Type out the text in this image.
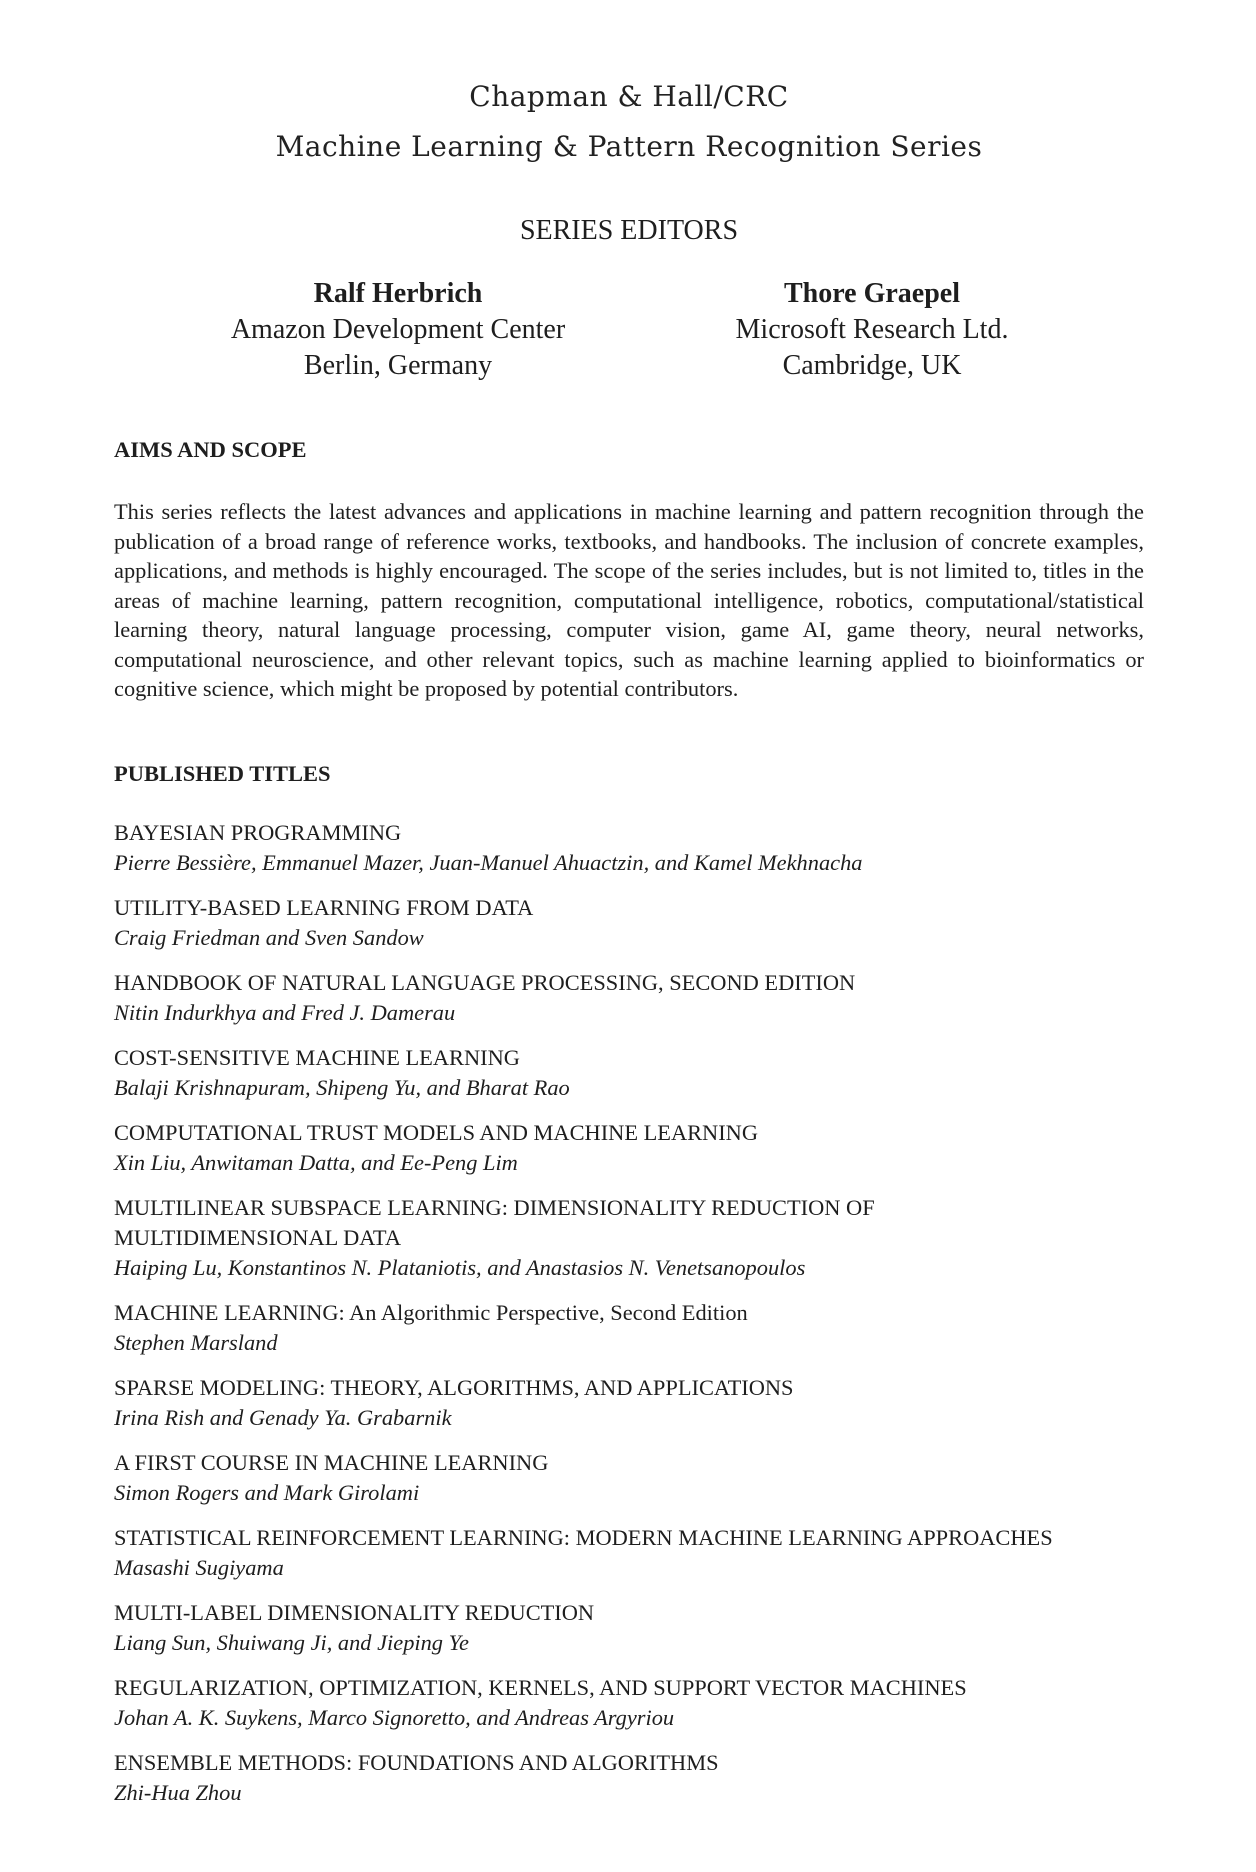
Chapman & Hall/CRC
Machine Learning & Pattern Recognition Series
SERIES EDITORS
Ralf Herbrich
Amazon Development Center
Berlin, Germany
Thore Graepel
Microsoft Research Ltd.
Cambridge, UK
AIMS AND SCOPE

This series reflects the latest advances and applications in machine learning and pattern recognition through the publication of a broad range of reference works, textbooks, and handbooks. The inclusion of concrete examples, applications, and methods is highly encouraged. The scope of the series includes, but is not limited to, titles in the areas of machine learning, pattern recognition, computational intelligence, robotics, computational/statistical learning theory, natural language processing, computer vision, game AI, game theory, neural networks, computational neuroscience, and other relevant topics, such as machine learning applied to bioinformatics or cognitive science, which might be proposed by potential contributors.

PUBLISHED TITLES
BAYESIAN PROGRAMMING
Pierre Bessière, Emmanuel Mazer, Juan-Manuel Ahuactzin, and Kamel Mekhnacha
UTILITY-BASED LEARNING FROM DATA
Craig Friedman and Sven Sandow
HANDBOOK OF NATURAL LANGUAGE PROCESSING, SECOND EDITION
Nitin Indurkhya and Fred J. Damerau
COST-SENSITIVE MACHINE LEARNING
Balaji Krishnapuram, Shipeng Yu, and Bharat Rao
COMPUTATIONAL TRUST MODELS AND MACHINE LEARNING
Xin Liu, Anwitaman Datta, and Ee-Peng Lim
MULTILINEAR SUBSPACE LEARNING: DIMENSIONALITY REDUCTION OF
MULTIDIMENSIONAL DATA
Haiping Lu, Konstantinos N. Plataniotis, and Anastasios N. Venetsanopoulos
MACHINE LEARNING: An Algorithmic Perspective, Second Edition
Stephen Marsland
SPARSE MODELING: THEORY, ALGORITHMS, AND APPLICATIONS
Irina Rish and Genady Ya. Grabarnik
A FIRST COURSE IN MACHINE LEARNING
Simon Rogers and Mark Girolami
STATISTICAL REINFORCEMENT LEARNING: MODERN MACHINE LEARNING APPROACHES
Masashi Sugiyama
MULTI-LABEL DIMENSIONALITY REDUCTION
Liang Sun, Shuiwang Ji, and Jieping Ye
REGULARIZATION, OPTIMIZATION, KERNELS, AND SUPPORT VECTOR MACHINES
Johan A. K. Suykens, Marco Signoretto, and Andreas Argyriou
ENSEMBLE METHODS: FOUNDATIONS AND ALGORITHMS
Zhi-Hua Zhou
